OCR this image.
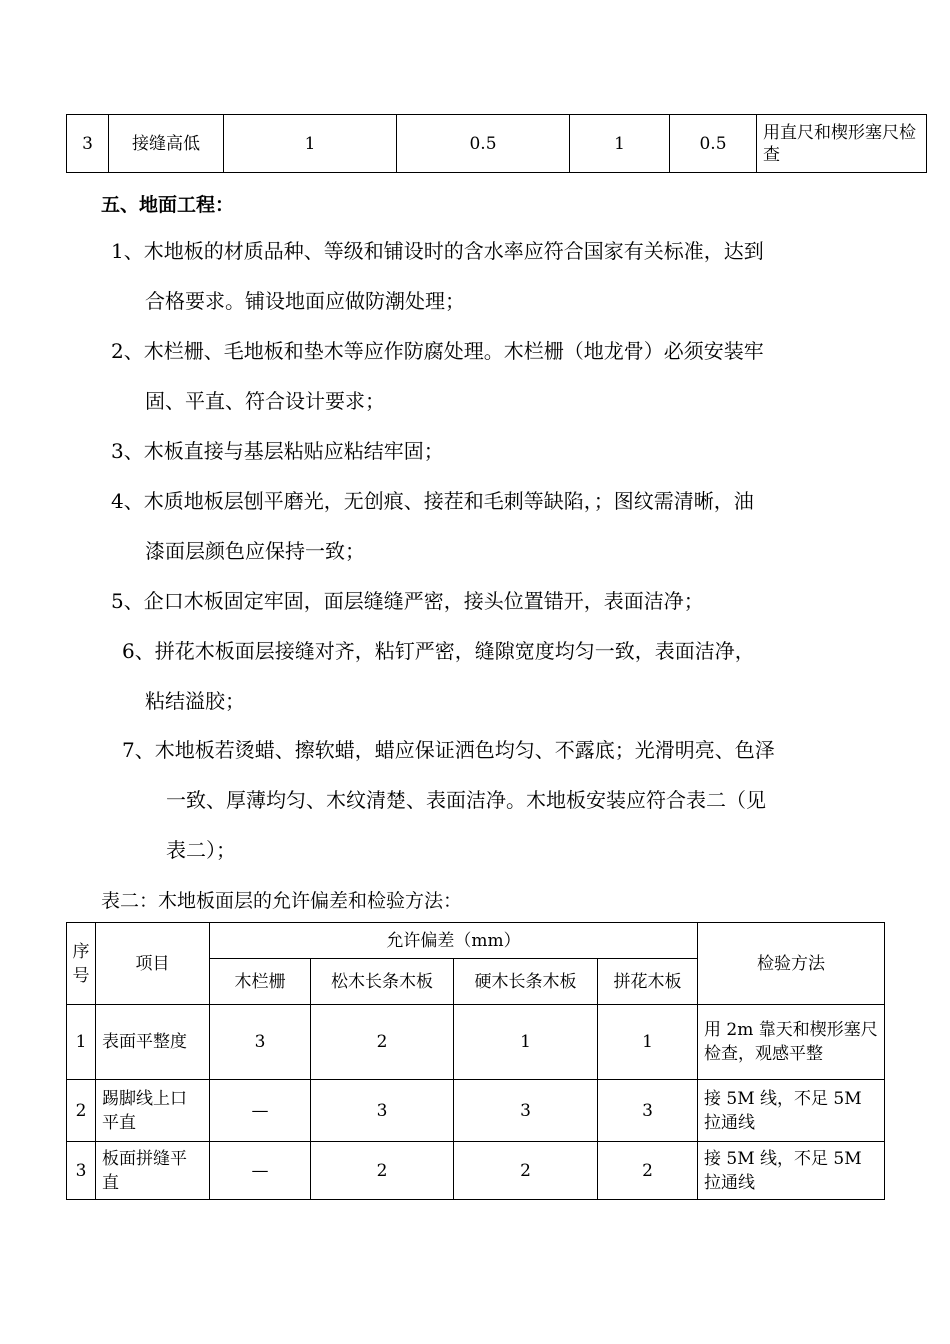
3	接缝高低	1	0.5	1	0.5	用直尺和楔形塞尺检查
五、地面工程：
1、木地板的材质品种、等级和铺设时的含水率应符合国家有关标准，达到
合格要求。铺设地面应做防潮处理；
2、木栏栅、毛地板和垫木等应作防腐处理。木栏栅（地龙骨）必须安装牢
固、平直、符合设计要求；
3、木板直接与基层粘贴应粘结牢固；
4、木质地板层刨平磨光，无创痕、接茬和毛刺等缺陷，；图纹需清晰，油
漆面层颜色应保持一致；
5、企口木板固定牢固，面层缝缝严密，接头位置错开，表面洁净；
6、拼花木板面层接缝对齐，粘钉严密，缝隙宽度均匀一致，表面洁净，
粘结溢胶；
7、木地板若烫蜡、擦软蜡，蜡应保证洒色均匀、不露底；光滑明亮、色泽
一致、厚薄均匀、木纹清楚、表面洁净。木地板安装应符合表二（见
表二）；
表二：木地板面层的允许偏差和检验方法：
序号	项目	允许偏差（mm）				检验方法
		木栏栅	松木长条木板	硬木长条木板	拼花木板	
1	表面平整度	3	2	1	1	用 2m 靠天和楔形塞尺检查，观感平整
2	踢脚线上口平直	—	3	3	3	接 5M 线，不足 5M 拉通线
3	板面拼缝平直	—	2	2	2	接 5M 线，不足 5M 拉通线
